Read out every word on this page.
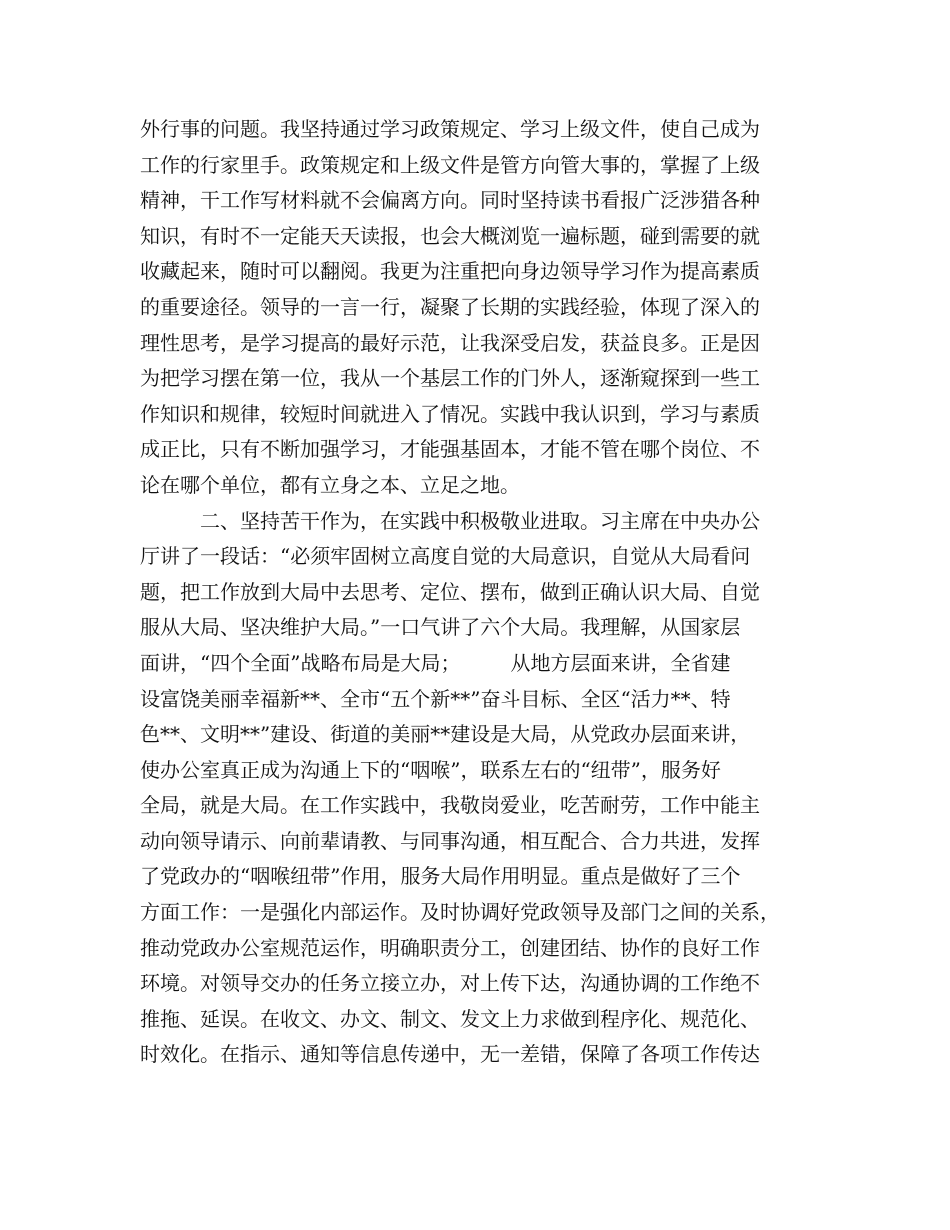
外行事的问题。我坚持通过学习政策规定、学习上级文件，使自己成为
工作的行家里手。政策规定和上级文件是管方向管大事的，掌握了上级
精神，干工作写材料就不会偏离方向。同时坚持读书看报广泛涉猎各种
知识，有时不一定能天天读报，也会大概浏览一遍标题，碰到需要的就
收藏起来，随时可以翻阅。我更为注重把向身边领导学习作为提高素质
的重要途径。领导的一言一行，凝聚了长期的实践经验，体现了深入的
理性思考，是学习提高的最好示范，让我深受启发，获益良多。正是因
为把学习摆在第一位，我从一个基层工作的门外人，逐渐窥探到一些工
作知识和规律，较短时间就进入了情况。实践中我认识到，学习与素质
成正比，只有不断加强学习，才能强基固本，才能不管在哪个岗位、不
论在哪个单位，都有立身之本、立足之地。
　　　二、坚持苦干作为，在实践中积极敬业进取。习主席在中央办公
厅讲了一段话：“必须牢固树立高度自觉的大局意识，自觉从大局看问
题，把工作放到大局中去思考、定位、摆布，做到正确认识大局、自觉
服从大局、坚决维护大局。”一口气讲了六个大局。我理解，从国家层
面讲，“四个全面”战略布局是大局；　　　从地方层面来讲，全省建
设富饶美丽幸福新**、全市“五个新**”奋斗目标、全区“活力**、特
色**、文明**”建设、街道的美丽**建设是大局，从党政办层面来讲，
使办公室真正成为沟通上下的“咽喉”，联系左右的“纽带”，服务好
全局，就是大局。在工作实践中，我敬岗爱业，吃苦耐劳，工作中能主
动向领导请示、向前辈请教、与同事沟通，相互配合、合力共进，发挥
了党政办的“咽喉纽带”作用，服务大局作用明显。重点是做好了三个
方面工作：一是强化内部运作。及时协调好党政领导及部门之间的关系，
推动党政办公室规范运作，明确职责分工，创建团结、协作的良好工作
环境。对领导交办的任务立接立办，对上传下达，沟通协调的工作绝不
推拖、延误。在收文、办文、制文、发文上力求做到程序化、规范化、
时效化。在指示、通知等信息传递中，无一差错，保障了各项工作传达
